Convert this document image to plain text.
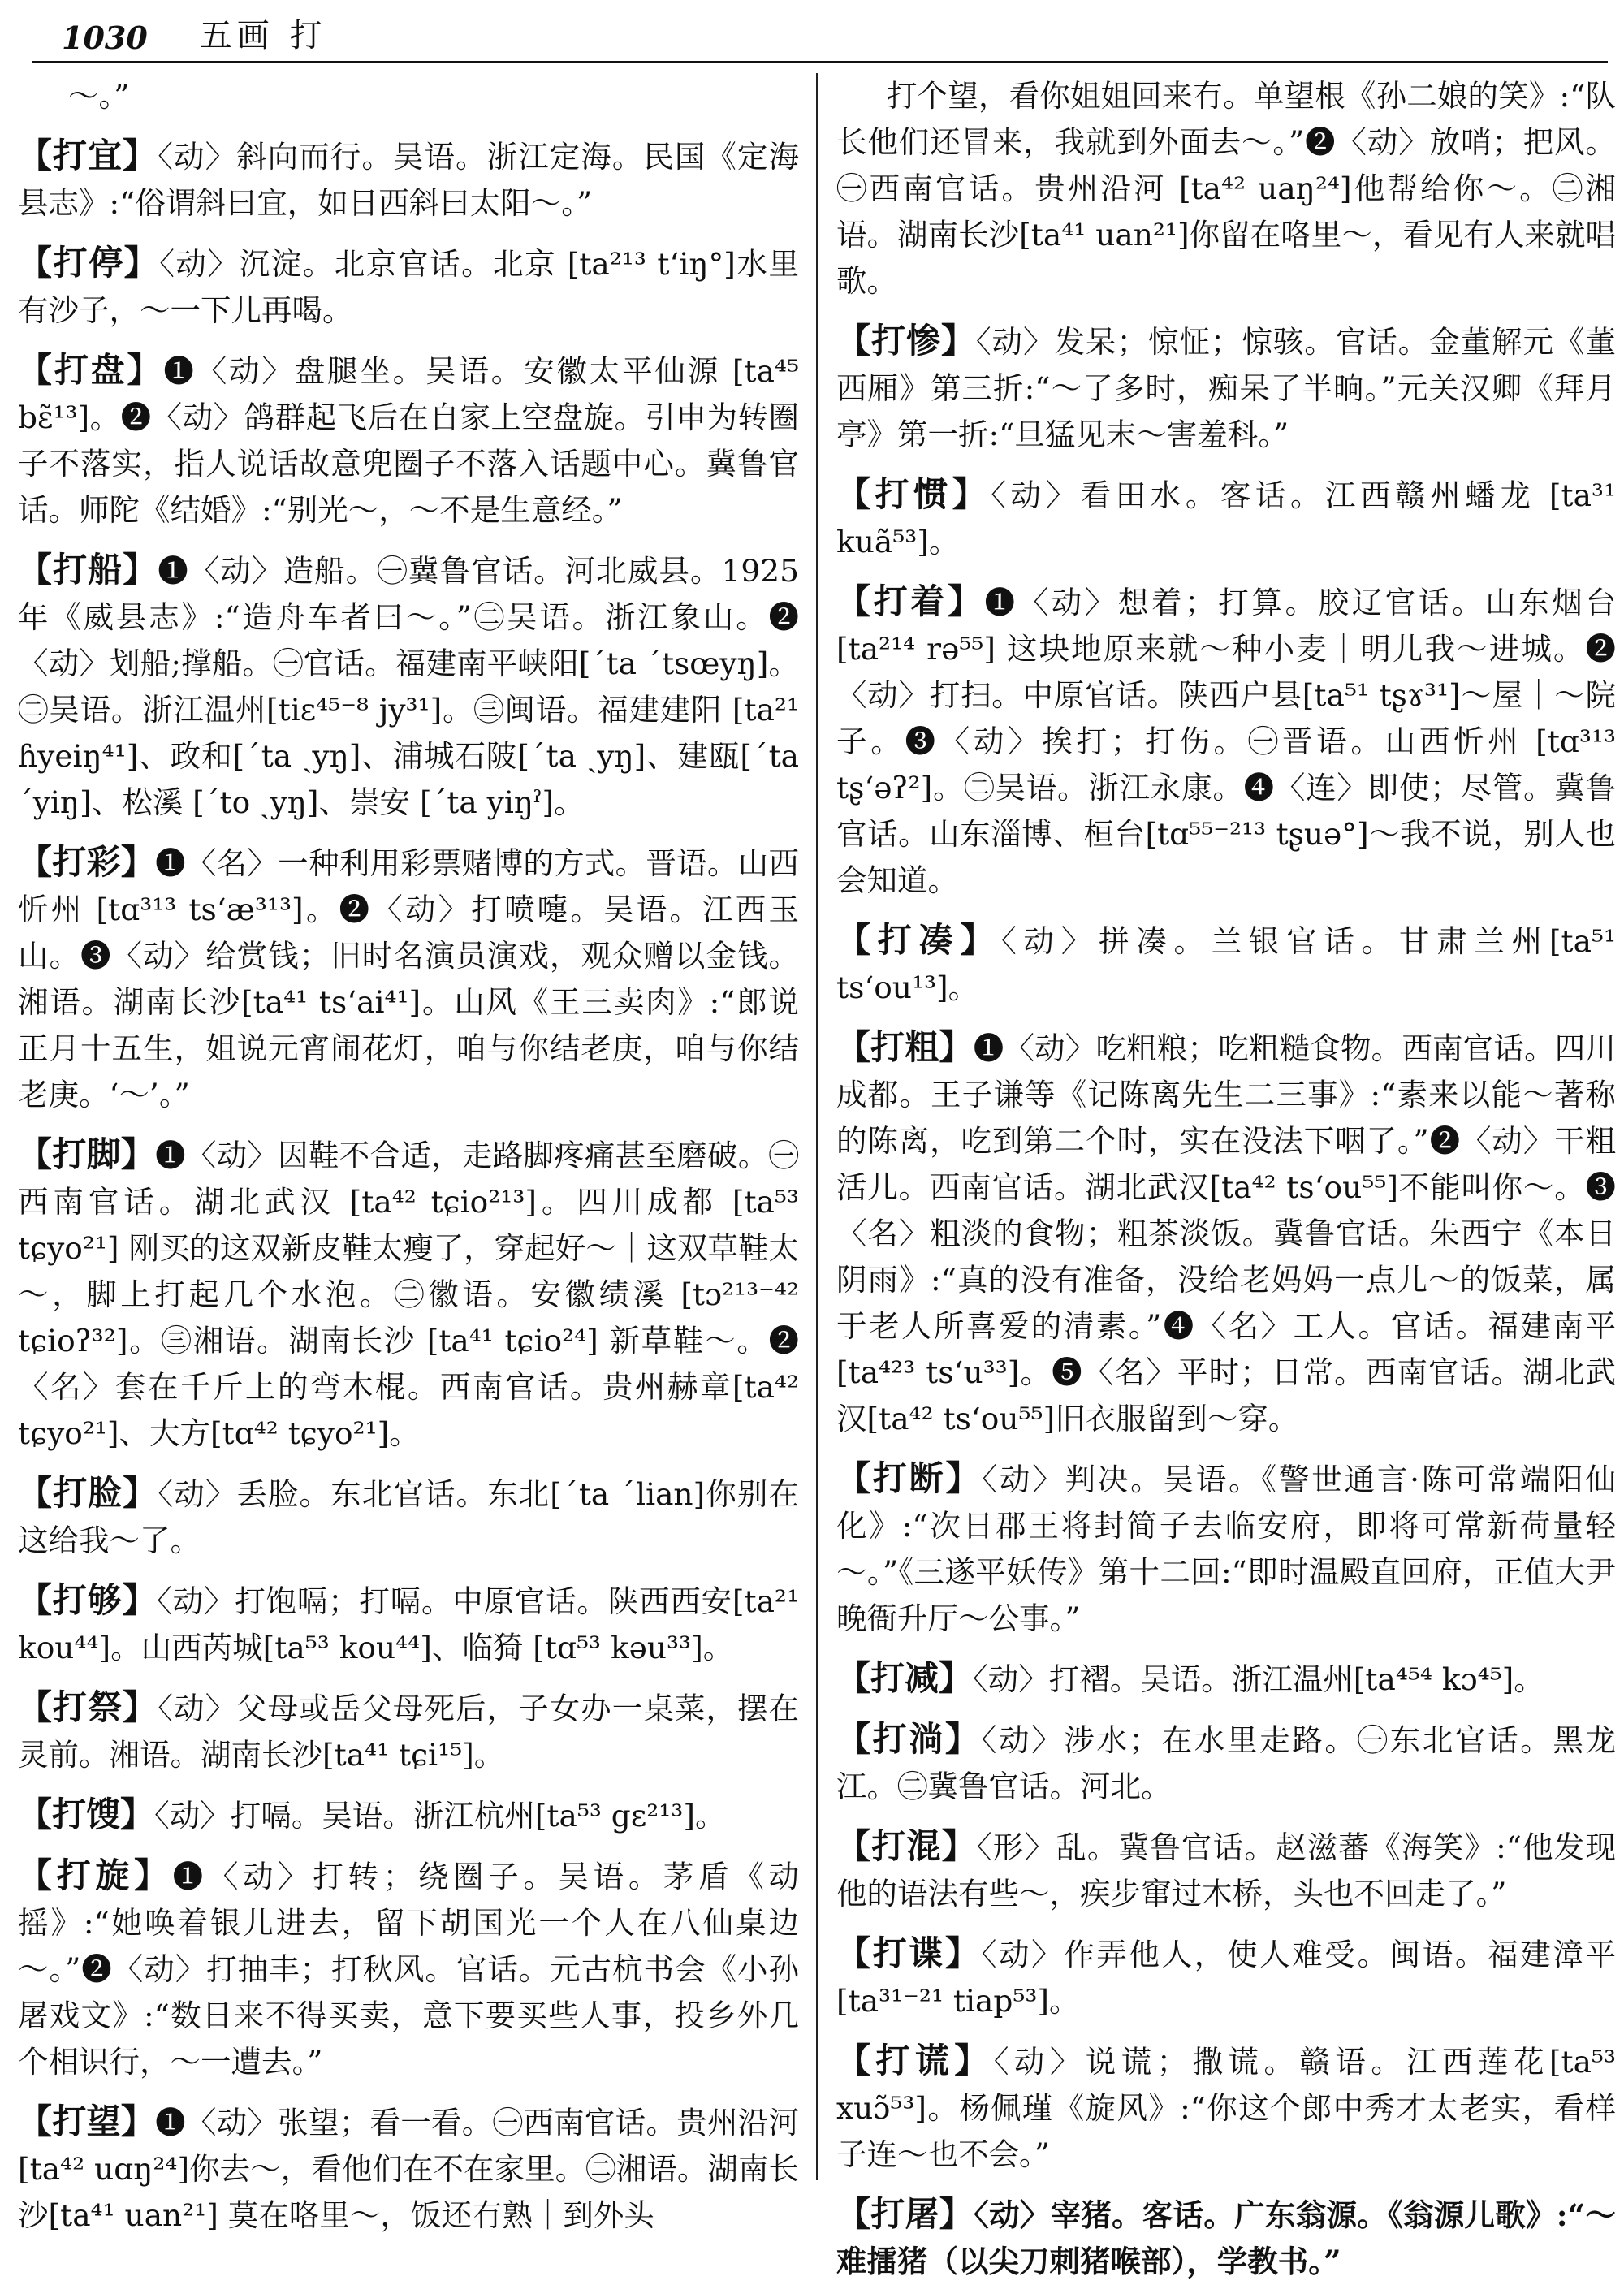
1030 五画 打

～。”

【打宜】〈动〉斜向而行。吴语。浙江定海。民国《定海县志》:“俗谓斜曰宜，如日西斜曰太阳～。”

【打停】〈动〉沉淀。北京官话。北京 [ta²¹³ tʻiŋ°]水里有沙子，～一下儿再喝。

【打盘】❶〈动〉盘腿坐。吴语。安徽太平仙源 [ta⁴⁵ bɛ̃¹³]。❷〈动〉鸽群起飞后在自家上空盘旋。引申为转圈子不落实，指人说话故意兜圈子不落入话题中心。冀鲁官话。师陀《结婚》:“别光～，～不是生意经。”

【打船】❶〈动〉造船。㊀冀鲁官话。河北威县。1925年《威县志》:“造舟车者曰～。”㊁吴语。浙江象山。❷〈动〉划船;撑船。㊀官话。福建南平峡阳[ˊta ˊtsœyŋ]。㊁吴语。浙江温州[tiɛ⁴⁵⁻⁸ jy³¹]。㊂闽语。福建建阳 [ta²¹ ɦyeiŋ⁴¹]、政和[ˊta ˏyŋ]、浦城石陂[ˊta ˏyŋ]、建瓯[ˊta ˊyiŋ]、松溪 [ˊto ˏyŋ]、崇安 [ˊta yiŋˀ]。

【打彩】❶〈名〉一种利用彩票赌博的方式。晋语。山西忻州 [tɑ³¹³ tsʻæ³¹³]。❷〈动〉打喷嚏。吴语。江西玉山。❸〈动〉给赏钱；旧时名演员演戏，观众赠以金钱。湘语。湖南长沙[ta⁴¹ tsʻai⁴¹]。山风《王三卖肉》:“郎说正月十五生，姐说元宵闹花灯，咱与你结老庚，咱与你结老庚。‘～’。”

【打脚】❶〈动〉因鞋不合适，走路脚疼痛甚至磨破。㊀西南官话。湖北武汉 [ta⁴² tɕio²¹³]。四川成都 [ta⁵³ tɕyo²¹] 刚买的这双新皮鞋太瘦了，穿起好～｜这双草鞋太～，脚上打起几个水泡。㊁徽语。安徽绩溪 [tɔ²¹³⁻⁴² tɕioʔ³²]。㊂湘语。湖南长沙 [ta⁴¹ tɕio²⁴] 新草鞋～。❷〈名〉套在千斤上的弯木棍。西南官话。贵州赫章[ta⁴² tɕyo²¹]、大方[tɑ⁴² tɕyo²¹]。

【打脸】〈动〉丢脸。东北官话。东北[ˊta ˊlian]你别在这给我～了。

【打够】〈动〉打饱嗝；打嗝。中原官话。陕西西安[ta²¹ kou⁴⁴]。山西芮城[ta⁵³ kou⁴⁴]、临猗 [tɑ⁵³ kəu³³]。

【打祭】〈动〉父母或岳父母死后，子女办一桌菜，摆在灵前。湘语。湖南长沙[ta⁴¹ tɕi¹⁵]。

【打馊】〈动〉打嗝。吴语。浙江杭州[ta⁵³ gɛ²¹³]。

【打旋】❶〈动〉打转；绕圈子。吴语。茅盾《动摇》:“她唤着银儿进去，留下胡国光一个人在八仙桌边～。”❷〈动〉打抽丰；打秋风。官话。元古杭书会《小孙屠戏文》:“数日来不得买卖，意下要买些人事，投乡外几个相识行，～一遭去。”

【打望】❶〈动〉张望；看一看。㊀西南官话。贵州沿河 [ta⁴² uɑŋ²⁴]你去～，看他们在不在家里。㊁湘语。湖南长沙[ta⁴¹ uan²¹] 莫在咯里～，饭还冇熟｜到外头

打个望，看你姐姐回来冇。单望根《孙二娘的笑》:“队长他们还冒来，我就到外面去～。”❷〈动〉放哨；把风。㊀西南官话。贵州沿河 [ta⁴² uaŋ²⁴]他帮给你～。㊁湘语。湖南长沙[ta⁴¹ uan²¹]你留在咯里～，看见有人来就唱歌。

【打惨】〈动〉发呆；惊怔；惊骇。官话。金董解元《董西厢》第三折:“～了多时，痴呆了半晌。”元关汉卿《拜月亭》第一折:“旦猛见末～害羞科。”

【打惯】〈动〉看田水。客话。江西赣州蟠龙 [ta³¹ kuã⁵³]。

【打着】❶〈动〉想着；打算。胶辽官话。山东烟台 [ta²¹⁴ rə⁵⁵] 这块地原来就～种小麦｜明儿我～进城。❷〈动〉打扫。中原官话。陕西户县[ta⁵¹ tʂɤ³¹]～屋｜～院子。❸〈动〉挨打；打伤。㊀晋语。山西忻州 [tɑ³¹³ tʂʻəʔ²]。㊁吴语。浙江永康。❹〈连〉即使；尽管。冀鲁官话。山东淄博、桓台[tɑ⁵⁵⁻²¹³ tʂuə°]～我不说，别人也会知道。

【打凑】〈动〉拼凑。兰银官话。甘肃兰州[ta⁵¹ tsʻou¹³]。

【打粗】❶〈动〉吃粗粮；吃粗糙食物。西南官话。四川成都。王子谦等《记陈离先生二三事》:“素来以能～著称的陈离，吃到第二个时，实在没法下咽了。”❷〈动〉干粗活儿。西南官话。湖北武汉[ta⁴² tsʻou⁵⁵]不能叫你～。❸〈名〉粗淡的食物；粗茶淡饭。冀鲁官话。朱西宁《本日阴雨》:“真的没有准备，没给老妈妈一点儿～的饭菜，属于老人所喜爱的清素。”❹〈名〉工人。官话。福建南平[ta⁴²³ tsʻu³³]。❺〈名〉平时；日常。西南官话。湖北武汉[ta⁴² tsʻou⁵⁵]旧衣服留到～穿。

【打断】〈动〉判决。吴语。《警世通言·陈可常端阳仙化》:“次日郡王将封简子去临安府，即将可常新荷量轻～。”《三遂平妖传》第十二回:“即时温殿直回府，正值大尹晚衙升厅～公事。”

【打减】〈动〉打褶。吴语。浙江温州[ta⁴⁵⁴ kɔ⁴⁵]。

【打淌】〈动〉涉水；在水里走路。㊀东北官话。黑龙江。㊁冀鲁官话。河北。

【打混】〈形〉乱。冀鲁官话。赵滋蕃《海笑》:“他发现他的语法有些～，疾步窜过木桥，头也不回走了。”

【打谍】〈动〉作弄他人，使人难受。闽语。福建漳平 [ta³¹⁻²¹ tiap⁵³]。

【打谎】〈动〉说谎；撒谎。赣语。江西莲花[ta⁵³ xuɔ̃⁵³]。杨佩瑾《旋风》:“你这个郎中秀才太老实，看样子连～也不会。”

【打屠】〈动〉宰猪。客话。广东翁源。《翁源儿歌》:“～难擂猪（以尖刀刺猪喉部），学教书。”
